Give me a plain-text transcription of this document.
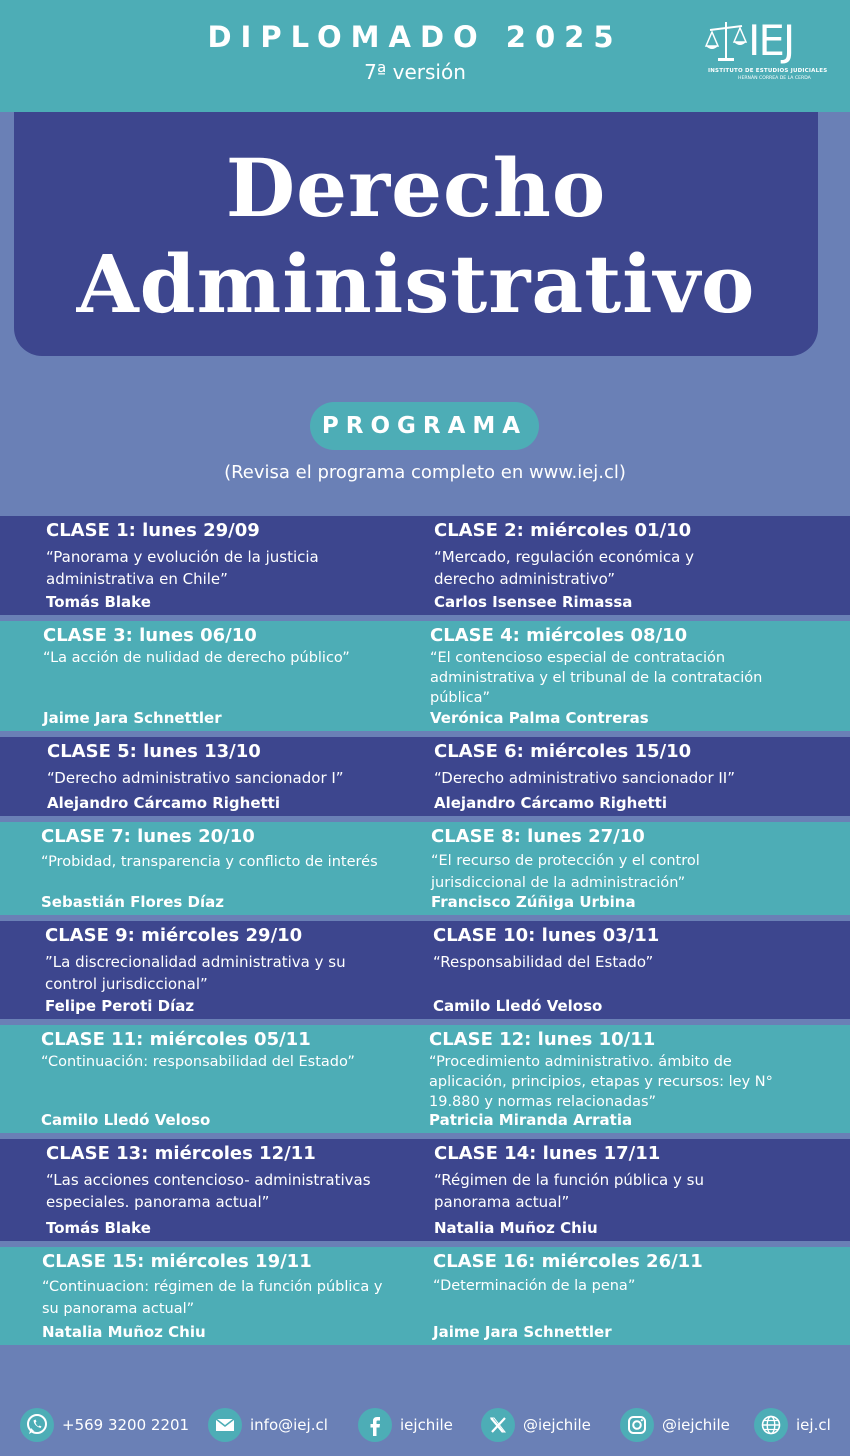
DIPLOMADO 2025
7ª versión
IEJ
INSTITUTO DE ESTUDIOS JUDICIALES
HERNÁN CORREA DE LA CERDA
Derecho
Administrativo
PROGRAMA
(Revisa el programa completo en www.iej.cl)
CLASE 1: lunes 29/09
“Panorama y evolución de la justicia administrativa en Chile”
Tomás Blake
CLASE 2: miércoles 01/10
“Mercado, regulación económica y derecho administrativo”
Carlos Isensee Rimassa
CLASE 3: lunes 06/10
“La acción de nulidad de derecho público”
Jaime Jara Schnettler
CLASE 4: miércoles 08/10
“El contencioso especial de contratación administrativa y el tribunal de la contratación pública”
Verónica Palma Contreras
CLASE 5: lunes 13/10
“Derecho administrativo sancionador I”
Alejandro Cárcamo Righetti
CLASE 6: miércoles 15/10
“Derecho administrativo sancionador II”
Alejandro Cárcamo Righetti
CLASE 7: lunes 20/10
“Probidad, transparencia y conflicto de interés
Sebastián Flores Díaz
CLASE 8: lunes 27/10
“El recurso de protección y el control jurisdiccional de la administración”
Francisco Zúñiga Urbina
CLASE 9: miércoles 29/10
”La discrecionalidad administrativa y su control jurisdiccional”
Felipe Peroti Díaz
CLASE 10: lunes 03/11
“Responsabilidad del Estado”
Camilo Lledó Veloso
CLASE 11: miércoles 05/11
“Continuación: responsabilidad del Estado”
Camilo Lledó Veloso
CLASE 12: lunes 10/11
“Procedimiento administrativo. ámbito de aplicación, principios, etapas y recursos: ley N° 19.880 y normas relacionadas”
Patricia Miranda Arratia
CLASE 13: miércoles 12/11
“Las acciones contencioso- administrativas especiales. panorama actual”
Tomás Blake
CLASE 14: lunes 17/11
“Régimen de la función pública y su panorama actual”
Natalia Muñoz Chiu
CLASE 15: miércoles 19/11
“Continuacion: régimen de la función pública y su panorama actual”
Natalia Muñoz Chiu
CLASE 16: miércoles 26/11
“Determinación de la pena”
Jaime Jara Schnettler
+569 3200 2201	info@iej.cl	iejchile	@iejchile	@iejchile	iej.cl
